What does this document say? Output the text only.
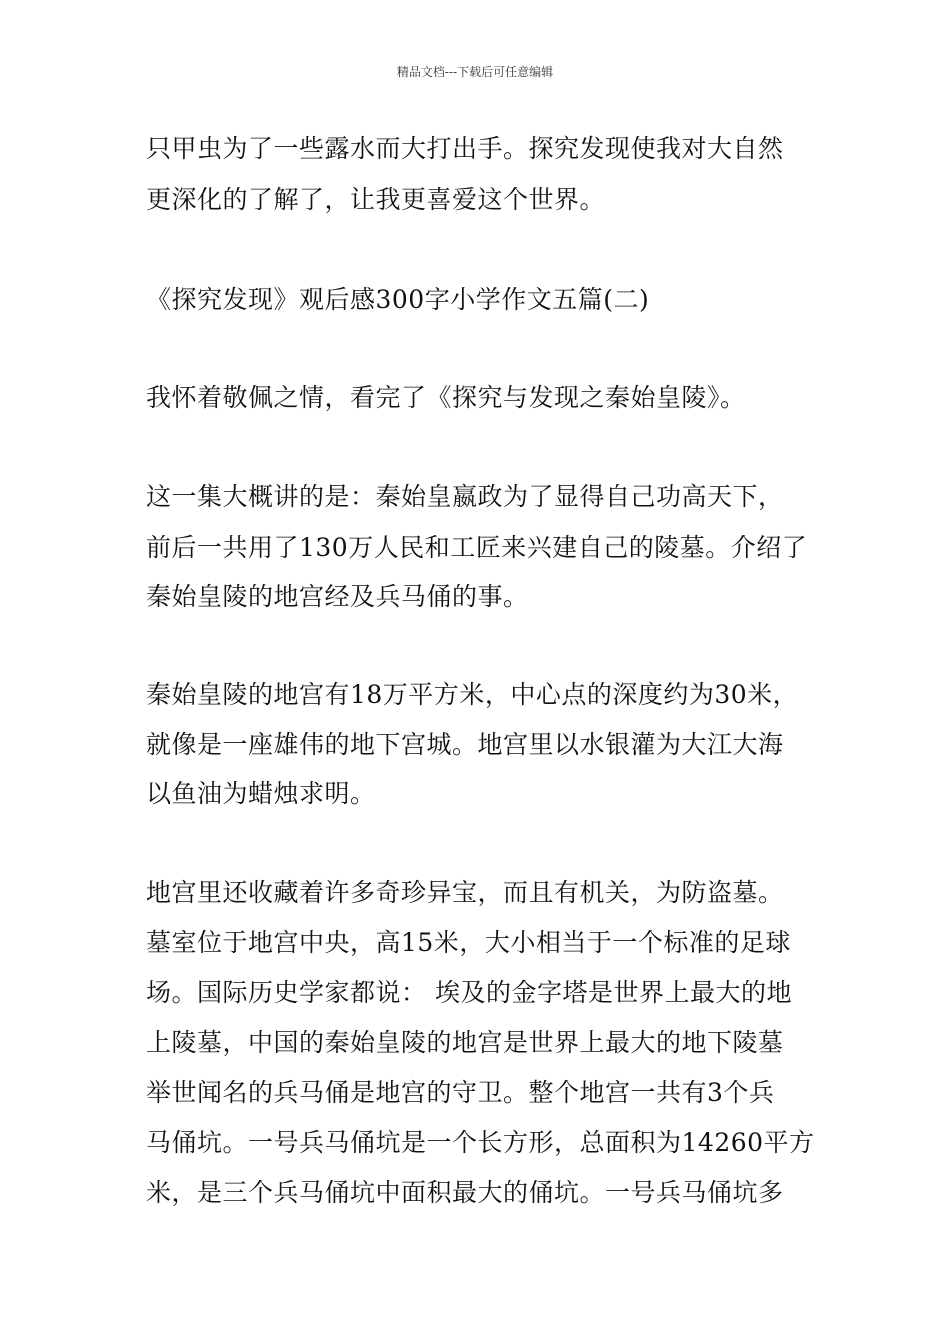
精品文档---下载后可任意编辑
只甲虫为了一些露水而大打出手。探究发现使我对大自然
更深化的了解了，让我更喜爱这个世界。
《探究发现》观后感300字小学作文五篇(二)
我怀着敬佩之情，看完了《探究与发现之秦始皇陵》。
这一集大概讲的是：秦始皇嬴政为了显得自己功高天下，
前后一共用了130万人民和工匠来兴建自己的陵墓。介绍了
秦始皇陵的地宫经及兵马俑的事。
秦始皇陵的地宫有18万平方米，中心点的深度约为30米，
就像是一座雄伟的地下宫城。地宫里以水银灌为大江大海
以鱼油为蜡烛求明。
地宫里还收藏着许多奇珍异宝，而且有机关，为防盗墓。
墓室位于地宫中央，高15米，大小相当于一个标准的足球
场。国际历史学家都说： 埃及的金字塔是世界上最大的地
上陵墓，中国的秦始皇陵的地宫是世界上最大的地下陵墓
举世闻名的兵马俑是地宫的守卫。整个地宫一共有3个兵
马俑坑。一号兵马俑坑是一个长方形，总面积为14260平方
米，是三个兵马俑坑中面积最大的俑坑。一号兵马俑坑多
